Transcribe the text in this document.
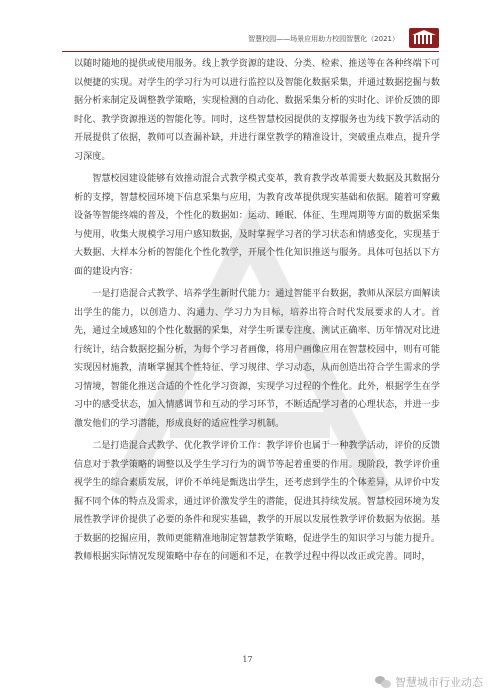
智慧校园——场景应用助力校园智慧化（2021）

以随时随地的提供或使用服务。线上教学资源的建设、分类、检索、推送等在各种终端下可以便捷的实现。对学生的学习行为可以进行监控以及智能化数据采集，并通过数据挖掘与数据分析来制定及调整教学策略，实现检测的自动化、数据采集分析的实时化、评价反馈的即时化、教学资源推送的智能化等。同时，这些智慧校园提供的支撑服务也为线下教学活动的开展提供了依据，教师可以查漏补缺，并进行课堂教学的精准设计，突破重点难点，提升学习深度。

智慧校园建设能够有效推动混合式教学模式变革，教育教学改革需要大数据及其数据分析的支撑，智慧校园环境下信息采集与应用，为教育改革提供现实基础和依据。随着可穿戴设备等智能终端的普及，个性化的数据如：运动、睡眠、体征、生理周期等方面的数据采集与使用，收集大规模学习用户感知数据，及时掌握学习者的学习状态和情感变化，实现基于大数据、大样本分析的智能化个性化教学，开展个性化知识推送与服务。具体可包括以下方面的建设内容：

一是打造混合式教学、培养学生新时代能力：通过智能平台数据，教师从深层方面解读出学生的能力，以创造力、沟通力、学习力为目标，培养出符合时代发展要求的人才。首先，通过全域感知的个性化数据的采集，对学生听课专注度、测试正确率、历年情况对比进行统计，结合数据挖掘分析，为每个学习者画像，将用户画像应用在智慧校园中，则有可能实现因材施教，清晰掌握其个性特征、学习规律、学习动态，从而创造出符合学生需求的学习情境，智能化推送合适的个性化学习资源，实现学习过程的个性化。此外，根据学生在学习中的感受状态，加入情感调节和互动的学习环节，不断适配学习者的心理状态，并进一步激发他们的学习潜能，形成良好的适应性学习机制。

二是打造混合式教学、优化教学评价工作：教学评价也属于一种教学活动，评价的反馈信息对于教学策略的调整以及学生学习行为的调节等起着重要的作用。现阶段，教学评价重视学生的综合素质发展，评价不单纯是甄选出学生，还考虑到学生的个体差异，从评价中发掘不同个体的特点及需求，通过评价激发学生的潜能，促进其持续发展。智慧校园环境为发展性教学评价提供了必要的条件和现实基础，教学的开展以发展性教学评价数据为依据。基于数据的挖掘应用，教师更能精准地制定智慧教学策略，促进学生的知识学习与能力提升。教师根据实际情况发现策略中存在的问题和不足，在教学过程中得以改正或完善。同时，

17
智慧城市行业动态
